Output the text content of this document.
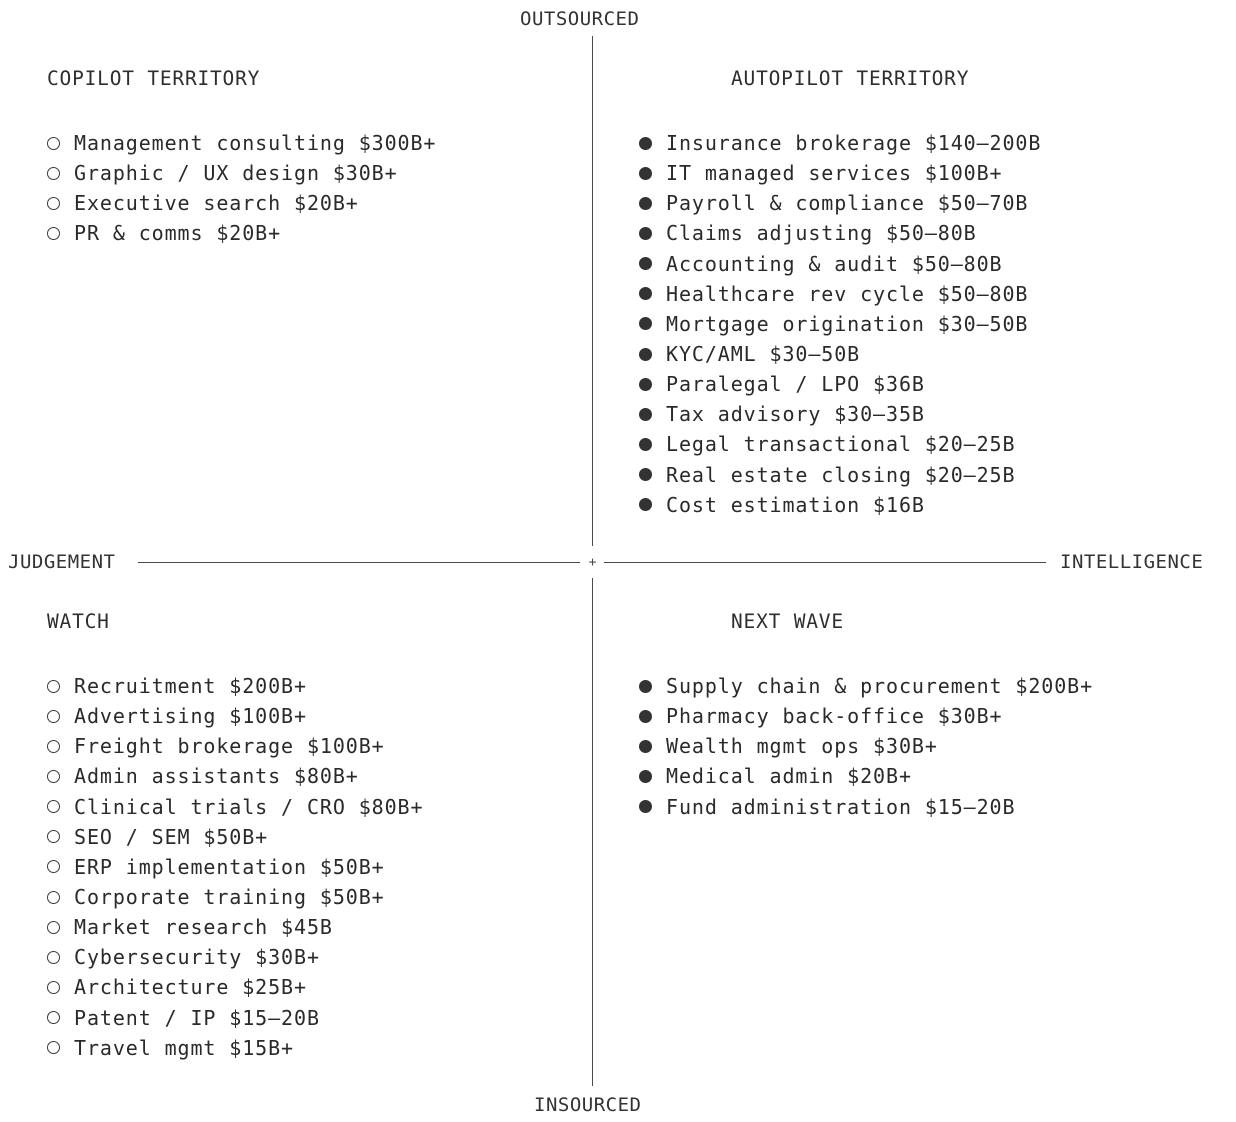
OUTSOURCED
INSOURCED
JUDGEMENT	INTELLIGENCE
+
COPILOT TERRITORY
Management consulting $300B+
Graphic / UX design $30B+
Executive search $20B+
PR & comms $20B+
AUTOPILOT TERRITORY
Insurance brokerage $140–200B
IT managed services $100B+
Payroll & compliance $50–70B
Claims adjusting $50–80B
Accounting & audit $50–80B
Healthcare rev cycle $50–80B
Mortgage origination $30–50B
KYC/AML $30–50B
Paralegal / LPO $36B
Tax advisory $30–35B
Legal transactional $20–25B
Real estate closing $20–25B
Cost estimation $16B
WATCH
Recruitment $200B+
Advertising $100B+
Freight brokerage $100B+
Admin assistants $80B+
Clinical trials / CRO $80B+
SEO / SEM $50B+
ERP implementation $50B+
Corporate training $50B+
Market research $45B
Cybersecurity $30B+
Architecture $25B+
Patent / IP $15–20B
Travel mgmt $15B+
NEXT WAVE
Supply chain & procurement $200B+
Pharmacy back-office $30B+
Wealth mgmt ops $30B+
Medical admin $20B+
Fund administration $15–20B
